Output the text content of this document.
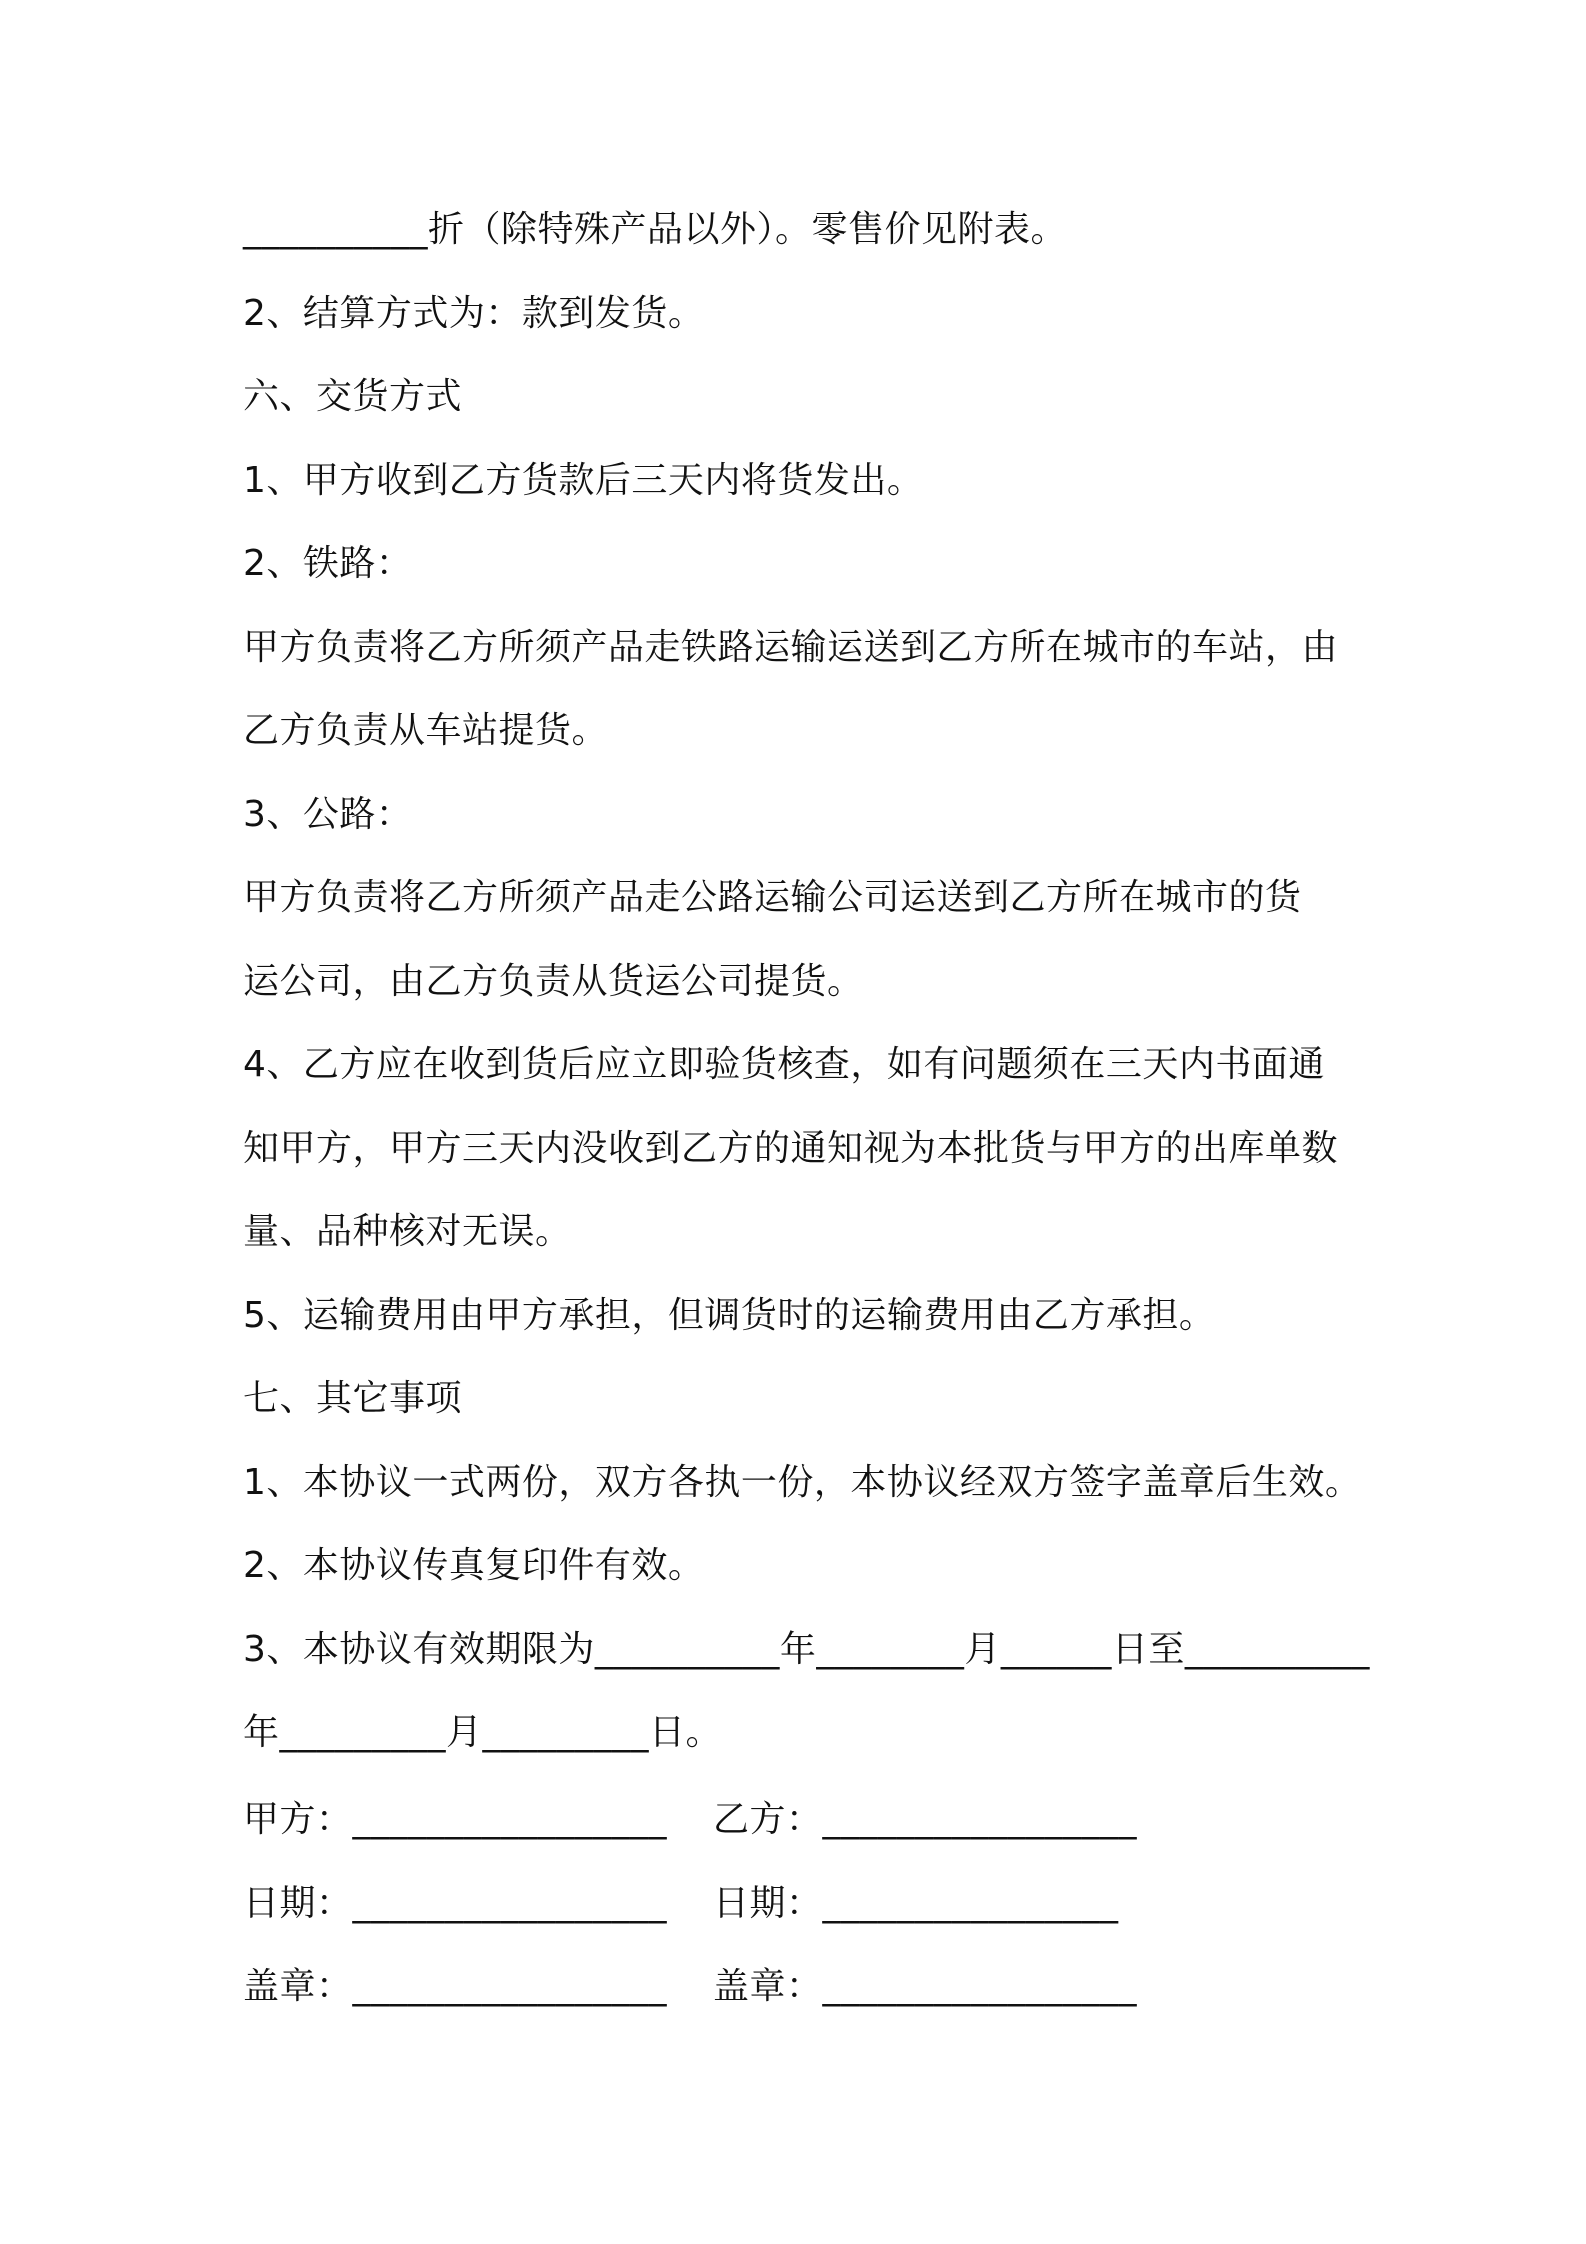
__________折（除特殊产品以外）。零售价见附表。
2、结算方式为：款到发货。
六、交货方式
1、甲方收到乙方货款后三天内将货发出。
2、铁路：
甲方负责将乙方所须产品走铁路运输运送到乙方所在城市的车站，由
乙方负责从车站提货。
3、公路：
甲方负责将乙方所须产品走公路运输公司运送到乙方所在城市的货
运公司，由乙方负责从货运公司提货。
4、乙方应在收到货后应立即验货核查，如有问题须在三天内书面通
知甲方，甲方三天内没收到乙方的通知视为本批货与甲方的出库单数
量、品种核对无误。
5、运输费用由甲方承担，但调货时的运输费用由乙方承担。
七、其它事项
1、本协议一式两份，双方各执一份，本协议经双方签字盖章后生效。
2、本协议传真复印件有效。
3、本协议有效期限为__________年________月______日至__________
年_________月_________日。
甲方：_________________ 乙方：_________________
日期：_________________ 日期：________________
盖章：_________________ 盖章：_________________
